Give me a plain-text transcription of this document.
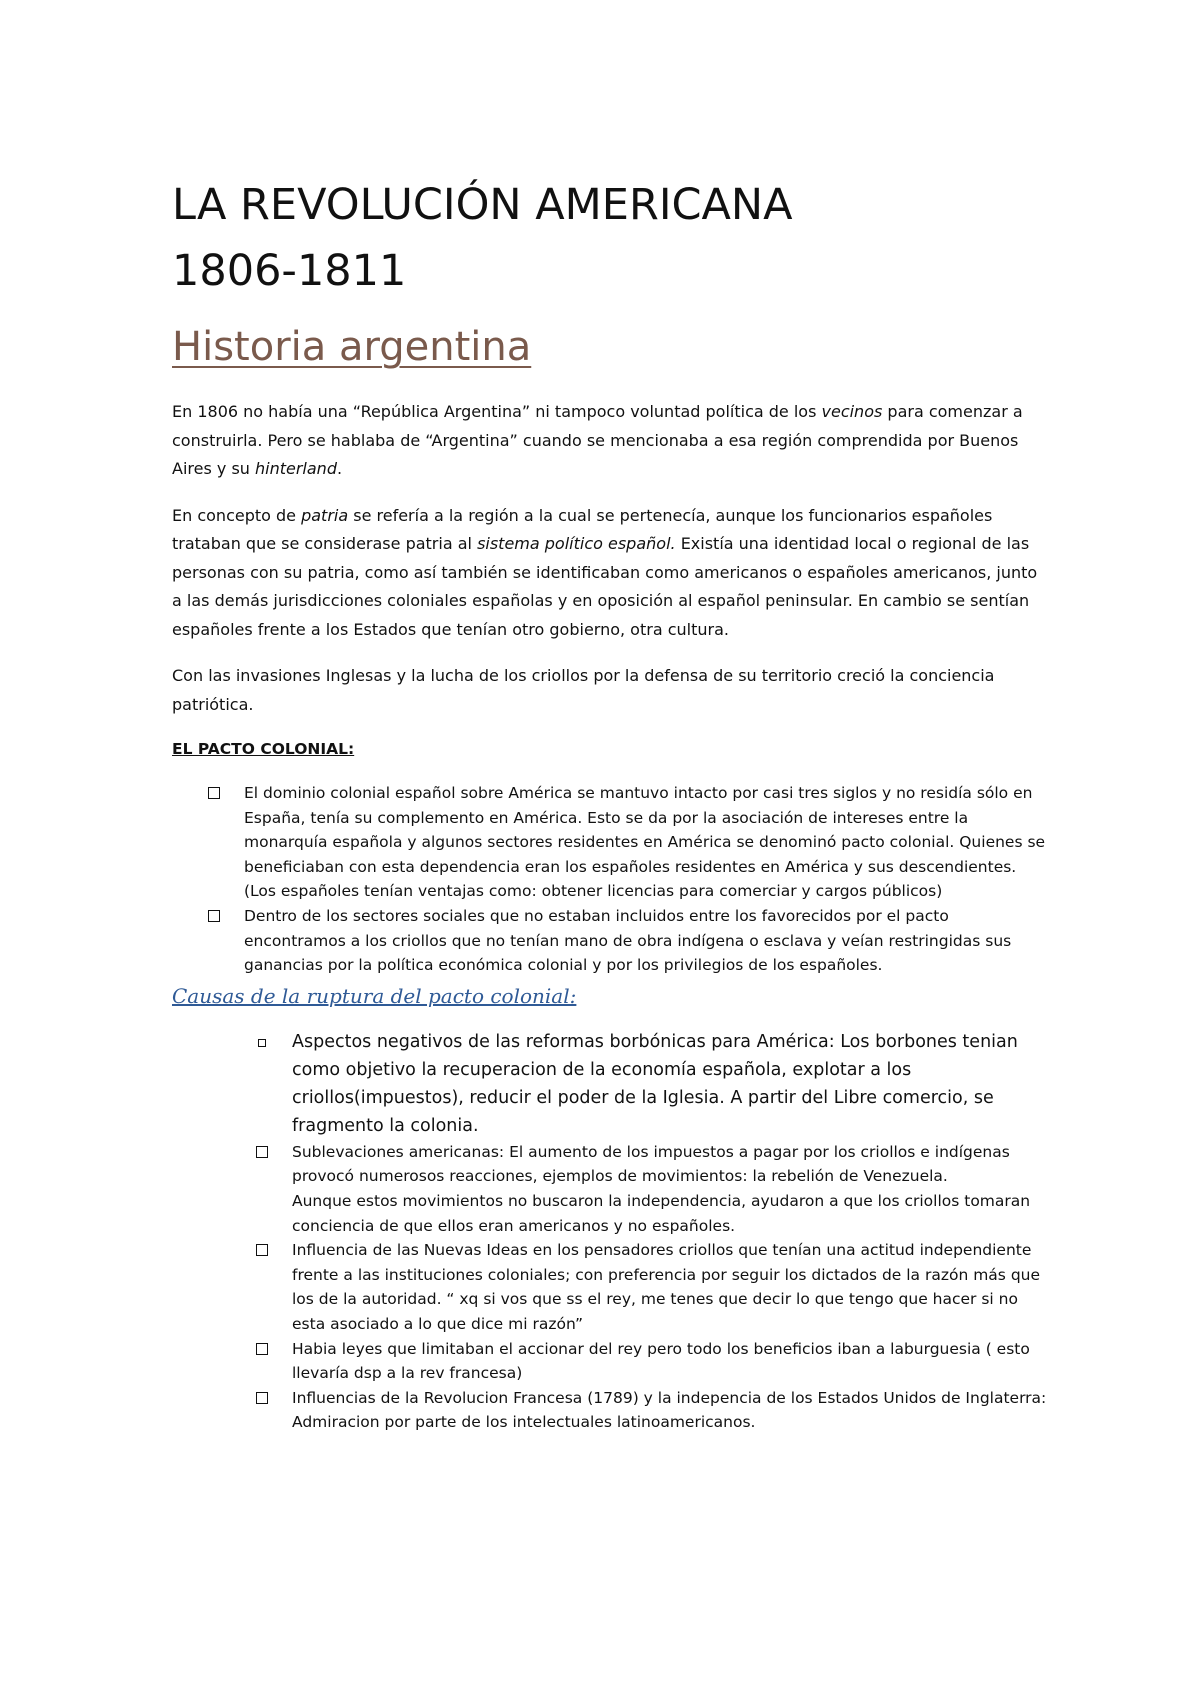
LA REVOLUCIÓN AMERICANA
1806-1811
Historia argentina

En 1806 no había una “República Argentina” ni tampoco voluntad política de los vecinos para comenzar a construirla. Pero se hablaba de “Argentina” cuando se mencionaba a esa región comprendida por Buenos Aires y su hinterland.

En concepto de patria se refería a la región a la cual se pertenecía, aunque los funcionarios españoles trataban que se considerase patria al sistema político español. Existía una identidad local o regional de las personas con su patria, como así también se identificaban como americanos o españoles americanos, junto a las demás jurisdicciones coloniales españolas y en oposición al español peninsular. En cambio se sentían españoles frente a los Estados que tenían otro gobierno, otra cultura.

Con las invasiones Inglesas y la lucha de los criollos por la defensa de su territorio creció la conciencia patriótica.

EL PACTO COLONIAL:
El dominio colonial español sobre América se mantuvo intacto por casi tres siglos y no residía sólo en España, tenía su complemento en América. Esto se da por la asociación de intereses entre la monarquía española y algunos sectores residentes en América se denominó pacto colonial. Quienes se beneficiaban con esta dependencia eran los españoles residentes en América y sus descendientes. (Los españoles tenían ventajas como: obtener licencias para comerciar y cargos públicos)
Dentro de los sectores sociales que no estaban incluidos entre los favorecidos por el pacto encontramos a los criollos que no tenían mano de obra indígena o esclava y veían restringidas sus ganancias por la política económica colonial y por los privilegios de los españoles.
Causas de la ruptura del pacto colonial:
Aspectos negativos de las reformas borbónicas para América: Los borbones tenian como objetivo la recuperacion de la economía española, explotar a los criollos(impuestos), reducir el poder de la Iglesia. A partir del Libre comercio, se fragmento la colonia.
Sublevaciones americanas: El aumento de los impuestos a pagar por los criollos e indígenas provocó numerosos reacciones, ejemplos de movimientos: la rebelión de Venezuela.
Aunque estos movimientos no buscaron la independencia, ayudaron a que los criollos tomaran conciencia de que ellos eran americanos y no españoles.
Influencia de las Nuevas Ideas en los pensadores criollos que tenían una actitud independiente frente a las instituciones coloniales; con preferencia por seguir los dictados de la razón más que los de la autoridad. “ xq si vos que ss el rey, me tenes que decir lo que tengo que hacer si no esta asociado a lo que dice mi razón”
Habia leyes que limitaban el accionar del rey pero todo los beneficios iban a laburguesia ( esto llevaría dsp a la rev francesa)
Influencias de la Revolucion Francesa (1789) y la indepencia de los Estados Unidos de Inglaterra: Admiracion por parte de los intelectuales latinoamericanos.
